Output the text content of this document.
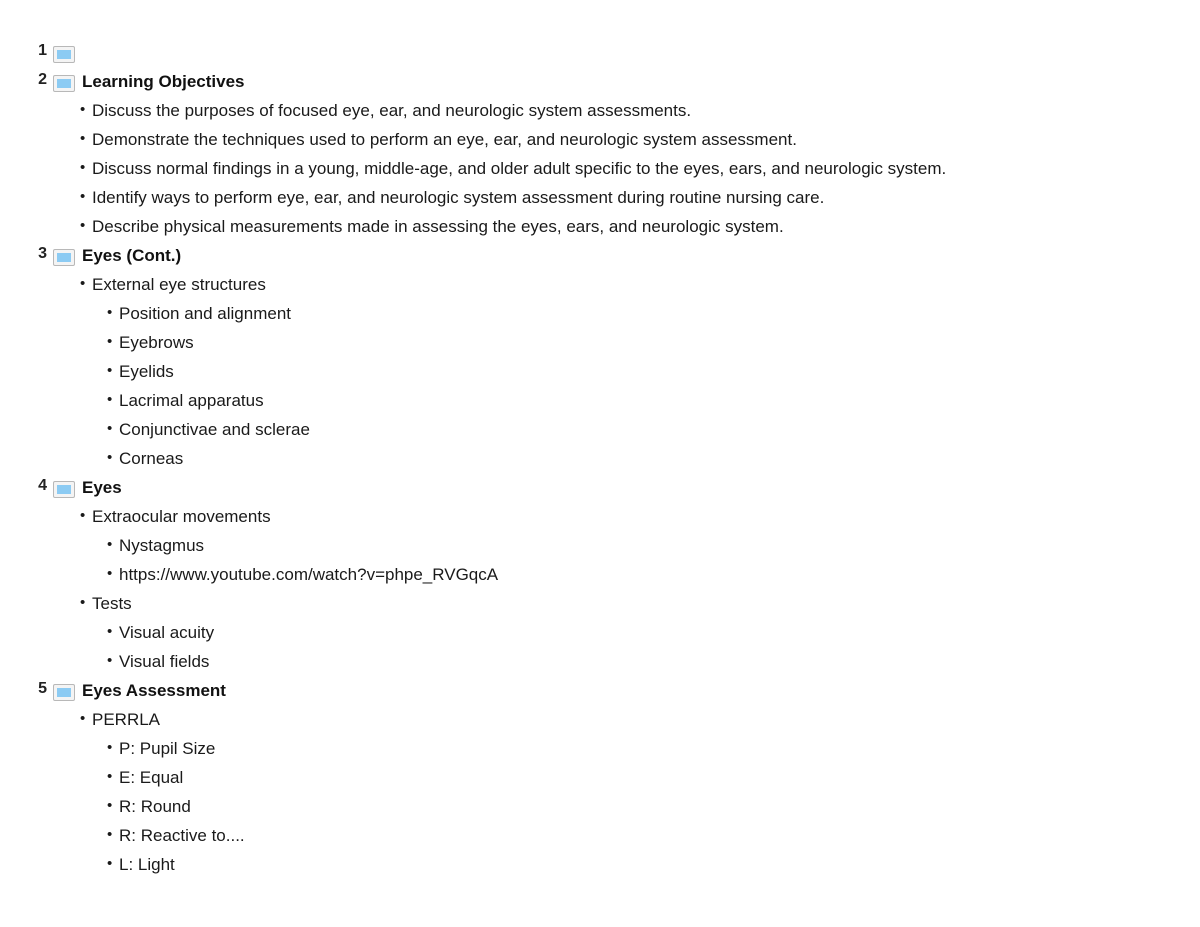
1
2 Learning Objectives
• Discuss the purposes of focused eye, ear, and neurologic system assessments.
• Demonstrate the techniques used to perform an eye, ear, and neurologic system assessment.
• Discuss normal findings in a young, middle-age, and older adult specific to the eyes, ears, and neurologic system.
• Identify ways to perform eye, ear, and neurologic system assessment during routine nursing care.
• Describe physical measurements made in assessing the eyes, ears, and neurologic system.
3 Eyes (Cont.)
• External eye structures
• Position and alignment
• Eyebrows
• Eyelids
• Lacrimal apparatus
• Conjunctivae and sclerae
• Corneas
4 Eyes
• Extraocular movements
• Nystagmus
• https://www.youtube.com/watch?v=phpe_RVGqcA
• Tests
• Visual acuity
• Visual fields
5 Eyes Assessment
• PERRLA
• P: Pupil Size
• E: Equal
• R: Round
• R: Reactive to....
• L: Light
